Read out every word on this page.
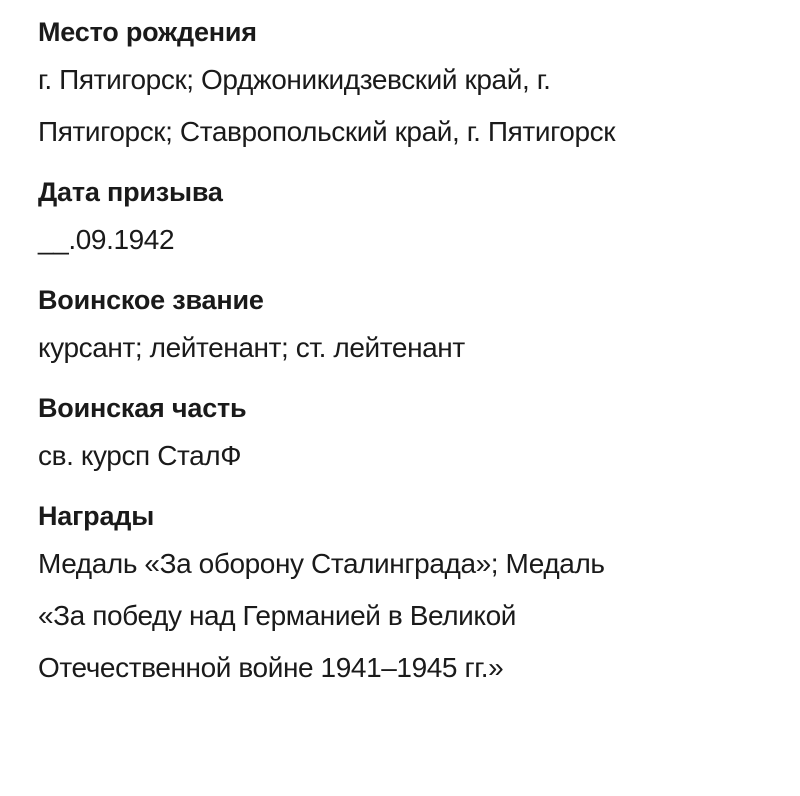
Место рождения
г. Пятигорск; Орджоникидзевский край, г.
Пятигорск; Ставропольский край, г. Пятигорск
Дата призыва
__.09.1942
Воинское звание
курсант; лейтенант; ст. лейтенант
Воинская часть
св. курсп СталФ
Награды
Медаль «За оборону Сталинграда»; Медаль
«За победу над Германией в Великой
Отечественной войне 1941–1945 гг.»
